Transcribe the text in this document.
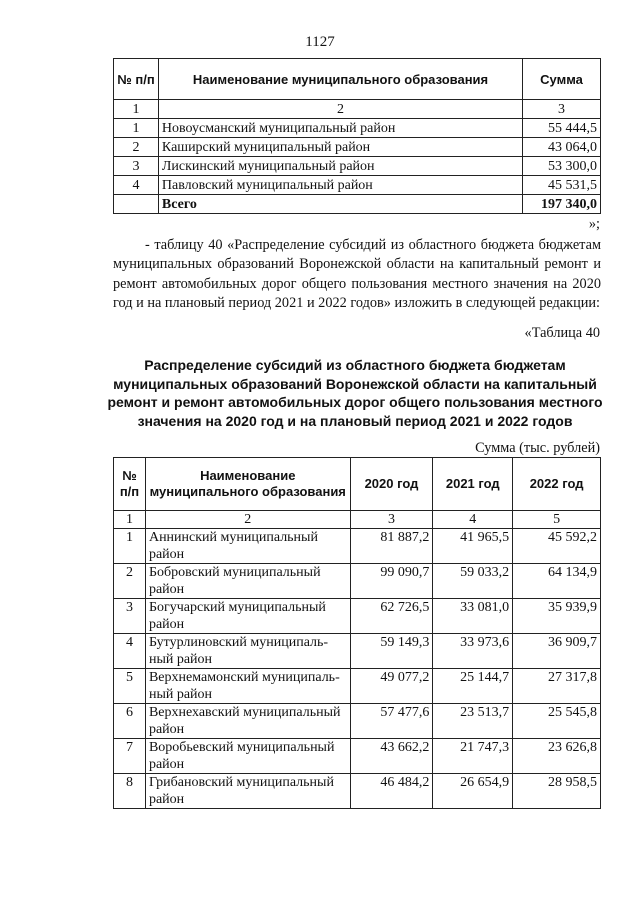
1127
№ п/п	Наименование муниципального образования	Сумма
1	2	3
1	Новоусманский муниципальный район	55 444,5
2	Каширский муниципальный район	43 064,0
3	Лискинский муниципальный район	53 300,0
4	Павловский муниципальный район	45 531,5
	Всего	197 340,0
»;
- таблицу 40 «Распределение субсидий из областного бюджета бюджетам муниципальных образований Воронежской области на капитальный ремонт и ремонт автомобильных дорог общего пользования местного значения на 2020 год и на плановый период 2021 и 2022 годов» изложить в следующей редакции:
«Таблица 40
Распределение субсидий из областного бюджета бюджетам муниципальных образований Воронежской области на капитальный ремонт и ремонт автомобильных дорог общего пользования местного значения на 2020 год и на плановый период 2021 и 2022 годов
Сумма (тыс. рублей)
№ п/п	Наименование муниципального образования	2020 год	2021 год	2022 год
1	2	3	4	5
1	Аннинский муниципальный район	81 887,2	41 965,5	45 592,2
2	Бобровский муниципальный район	99 090,7	59 033,2	64 134,9
3	Богучарский муниципальный район	62 726,5	33 081,0	35 939,9
4	Бутурлиновский муниципаль-ный район	59 149,3	33 973,6	36 909,7
5	Верхнемамонский муниципаль-ный район	49 077,2	25 144,7	27 317,8
6	Верхнехавский муниципальный район	57 477,6	23 513,7	25 545,8
7	Воробьевский муниципальный район	43 662,2	21 747,3	23 626,8
8	Грибановский муниципальный район	46 484,2	26 654,9	28 958,5
